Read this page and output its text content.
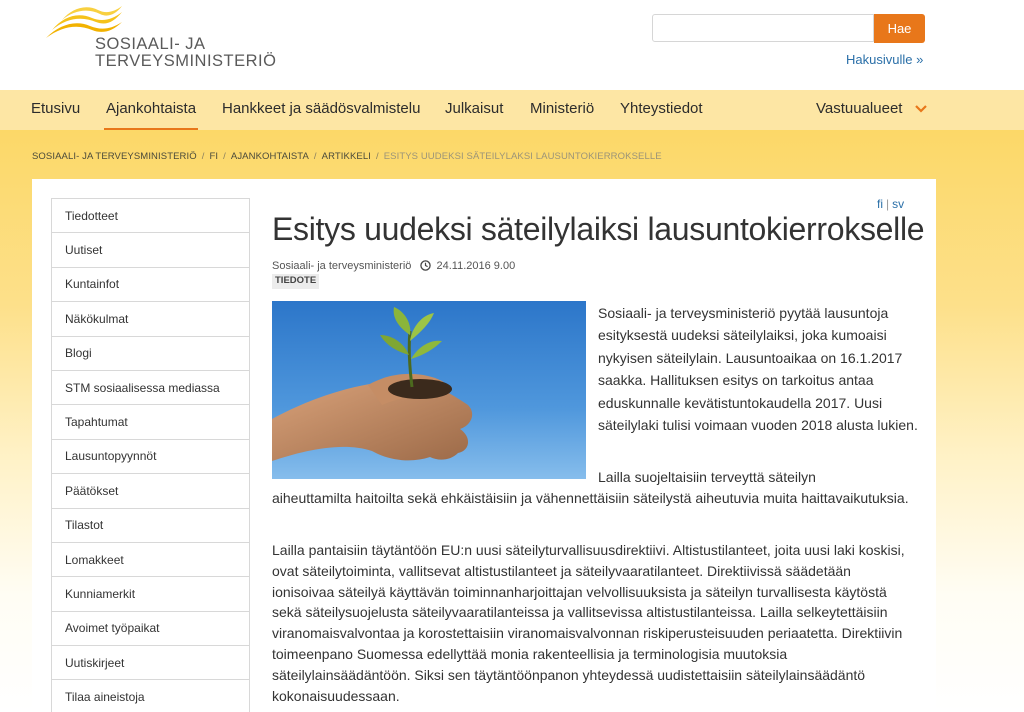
SOSIAALI- JA
TERVEYSMINISTERIÖ
Hae
Hakusivulle »
Etusivu Ajankohtaista Hankkeet ja säädösvalmistelu Julkaisut Ministeriö Yhteystiedot	Vastuualueet
SOSIAALI- JA TERVEYSMINISTERIÖ / FI / AJANKOHTAISTA / ARTIKKELI / ESITYS UUDEKSI SÄTEILYLAKSI LAUSUNTOKIERROKSELLE
Tiedotteet
Uutiset
Kuntainfot
Näkökulmat
Blogi
STM sosiaalisessa mediassa
Tapahtumat
Lausuntopyynnöt
Päätökset
Tilastot
Lomakkeet
Kunniamerkit
Avoimet työpaikat
Uutiskirjeet
Tilaa aineistoja
fi | sv
Esitys uudeksi säteilylaiksi lausuntokierrokselle
Sosiaali- ja terveysministeriö 24.11.2016 9.00
TIEDOTE

Sosiaali- ja terveysministeriö pyytää lausuntoja esityksestä uudeksi säteilylaiksi, joka kumoaisi nykyisen säteilylain. Lausuntoaikaa on 16.1.2017 saakka. Hallituksen esitys on tarkoitus antaa eduskunnalle kevätistuntokaudella 2017. Uusi säteilylaki tulisi voimaan vuoden 2018 alusta lukien.

Lailla suojeltaisiin terveyttä säteilyn
aiheuttamilta haitoilta sekä ehkäistäisiin ja vähennettäisiin säteilystä aiheutuvia muita haittavaikutuksia.

Lailla pantaisiin täytäntöön EU:n uusi säteilyturvallisuusdirektiivi. Altistustilanteet, joita uusi laki koskisi, ovat säteilytoiminta, vallitsevat altistustilanteet ja säteilyvaaratilanteet. Direktiivissä säädetään ionisoivaa säteilyä käyttävän toiminnanharjoittajan velvollisuuksista ja säteilyn turvallisesta käytöstä sekä säteilysuojelusta säteilyvaaratilanteissa ja vallitsevissa altistustilanteissa. Lailla selkeytettäisiin viranomaisvalvontaa ja korostettaisiin viranomaisvalvonnan riskiperusteisuuden periaatetta. Direktiivin toimeenpano Suomessa edellyttää monia rakenteellisia ja terminologisia muutoksia säteilylainsäädäntöön. Siksi sen täytäntöönpanon yhteydessä uudistettaisiin säteilylainsäädäntö kokonaisuudessaan.
